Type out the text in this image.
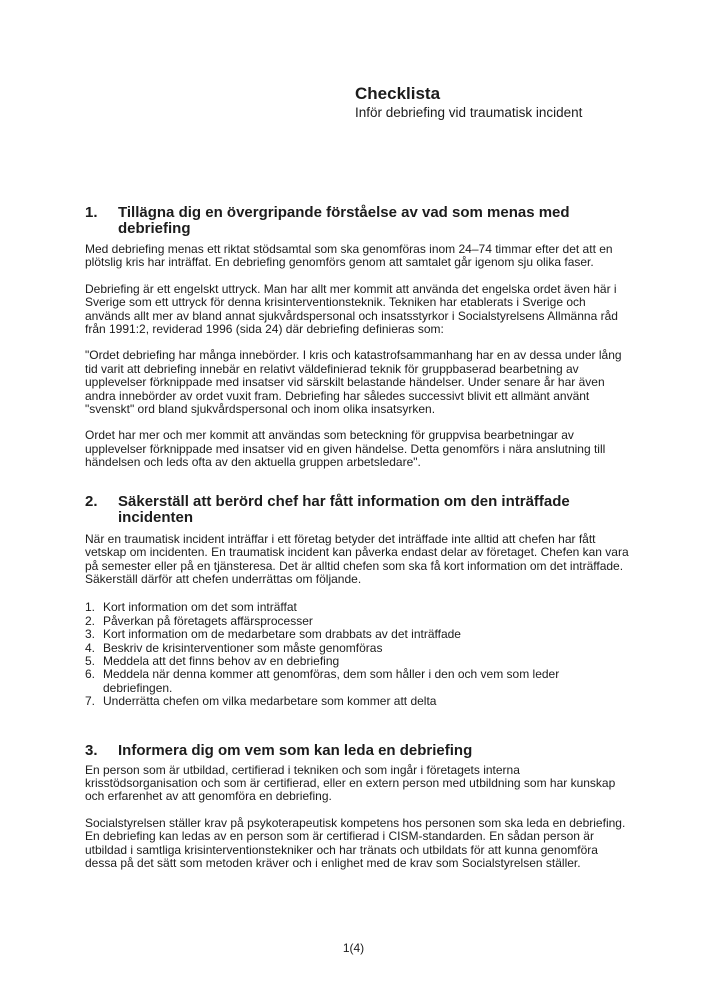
Checklista
Inför debriefing vid traumatisk incident
1.	Tillägna dig en övergripande förståelse av vad som menas med debriefing

Med debriefing menas ett riktat stödsamtal som ska genomföras inom 24–74 timmar efter det att en plötslig kris har inträffat. En debriefing genomförs genom att samtalet går igenom sju olika faser.

Debriefing är ett engelskt uttryck. Man har allt mer kommit att använda det engelska ordet även här i Sverige som ett uttryck för denna krisinterventionsteknik. Tekniken har etablerats i Sverige och används allt mer av bland annat sjukvårdspersonal och insatsstyrkor i Socialstyrelsens Allmänna råd från 1991:2, reviderad 1996 (sida 24) där debriefing definieras som:

"Ordet debriefing har många innebörder. I kris och katastrofsammanhang har en av dessa under lång tid varit att debriefing innebär en relativt väldefinierad teknik för gruppbaserad bearbetning av upplevelser förknippade med insatser vid särskilt belastande händelser. Under senare år har även andra innebörder av ordet vuxit fram. Debriefing har således successivt blivit ett allmänt använt "svenskt" ord bland sjukvårdspersonal och inom olika insatsyrken.

Ordet har mer och mer kommit att användas som beteckning för gruppvisa bearbetningar av upplevelser förknippade med insatser vid en given händelse. Detta genomförs i nära anslutning till händelsen och leds ofta av den aktuella gruppen arbetsledare".

2.	Säkerställ att berörd chef har fått information om den inträffade incidenten

När en traumatisk incident inträffar i ett företag betyder det inträffade inte alltid att chefen har fått vetskap om incidenten. En traumatisk incident kan påverka endast delar av företaget. Chefen kan vara på semester eller på en tjänsteresa. Det är alltid chefen som ska få kort information om det inträffade. Säkerställ därför att chefen underrättas om följande.

1. Kort information om det som inträffat
2. Påverkan på företagets affärsprocesser
3. Kort information om de medarbetare som drabbats av det inträffade
4. Beskriv de krisinterventioner som måste genomföras
5. Meddela att det finns behov av en debriefing
6. Meddela när denna kommer att genomföras, dem som håller i den och vem som leder debriefingen.
7. Underrätta chefen om vilka medarbetare som kommer att delta
3.	Informera dig om vem som kan leda en debriefing

En person som är utbildad, certifierad i tekniken och som ingår i företagets interna krisstödsorganisation och som är certifierad, eller en extern person med utbildning som har kunskap och erfarenhet av att genomföra en debriefing.

Socialstyrelsen ställer krav på psykoterapeutisk kompetens hos personen som ska leda en debriefing. En debriefing kan ledas av en person som är certifierad i CISM-standarden. En sådan person är utbildad i samtliga krisinterventionstekniker och har tränats och utbildats för att kunna genomföra dessa på det sätt som metoden kräver och i enlighet med de krav som Socialstyrelsen ställer.

1(4)
